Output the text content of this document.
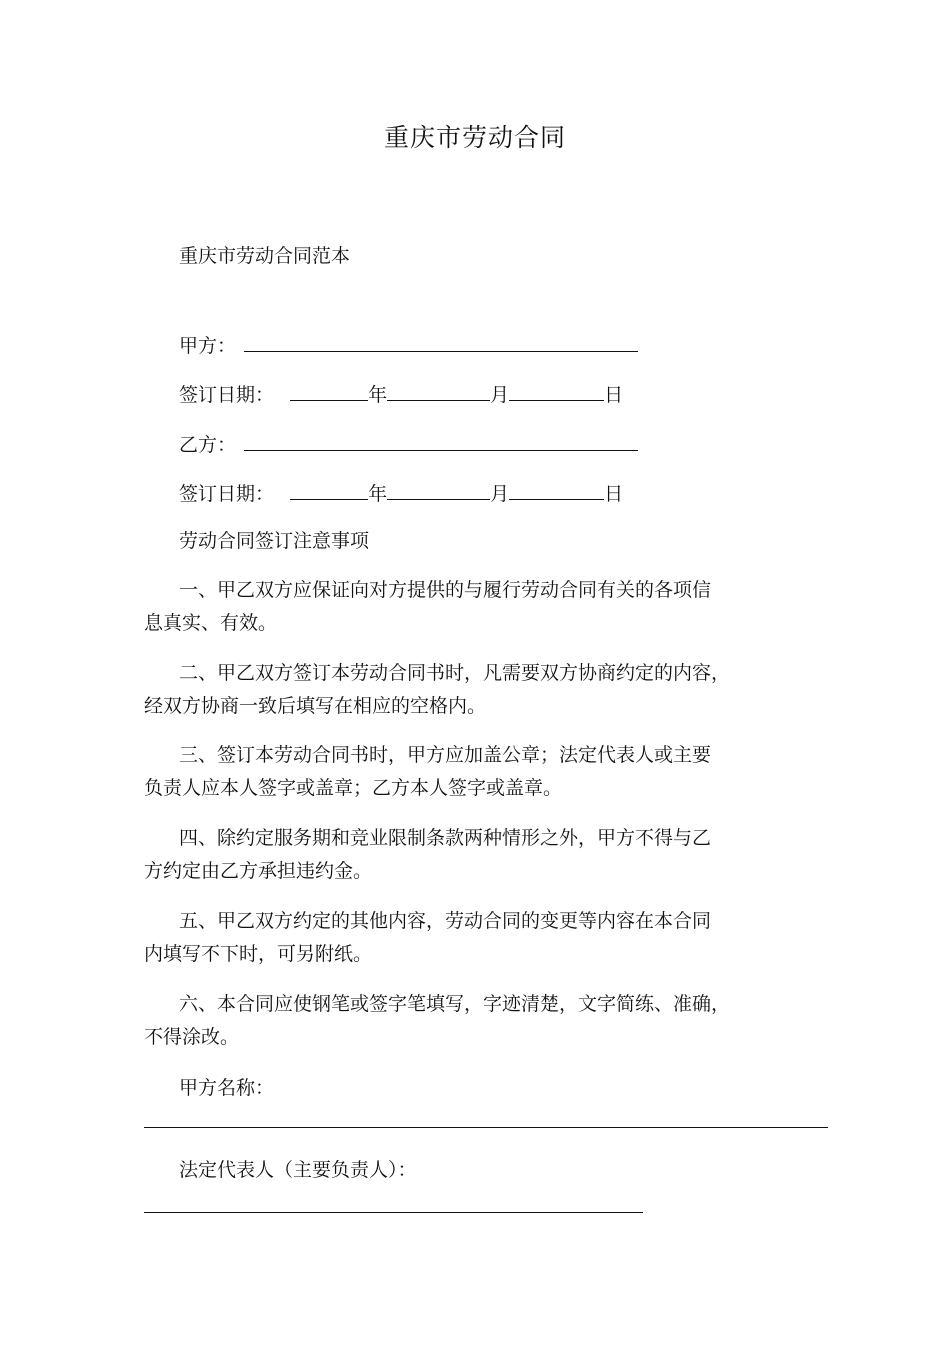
重庆市劳动合同
重庆市劳动合同范本
甲方：
签订日期：	年	月	日
乙方：
签订日期：	年	月	日
劳动合同签订注意事项
一、甲乙双方应保证向对方提供的与履行劳动合同有关的各项信
息真实、有效。
二、甲乙双方签订本劳动合同书时，凡需要双方协商约定的内容，
经双方协商一致后填写在相应的空格内。
三、签订本劳动合同书时，甲方应加盖公章；法定代表人或主要
负责人应本人签字或盖章；乙方本人签字或盖章。
四、除约定服务期和竞业限制条款两种情形之外，甲方不得与乙
方约定由乙方承担违约金。
五、甲乙双方约定的其他内容，劳动合同的变更等内容在本合同
内填写不下时，可另附纸。
六、本合同应使钢笔或签字笔填写，字迹清楚，文字简练、准确，
不得涂改。
甲方名称：
法定代表人（主要负责人）：
